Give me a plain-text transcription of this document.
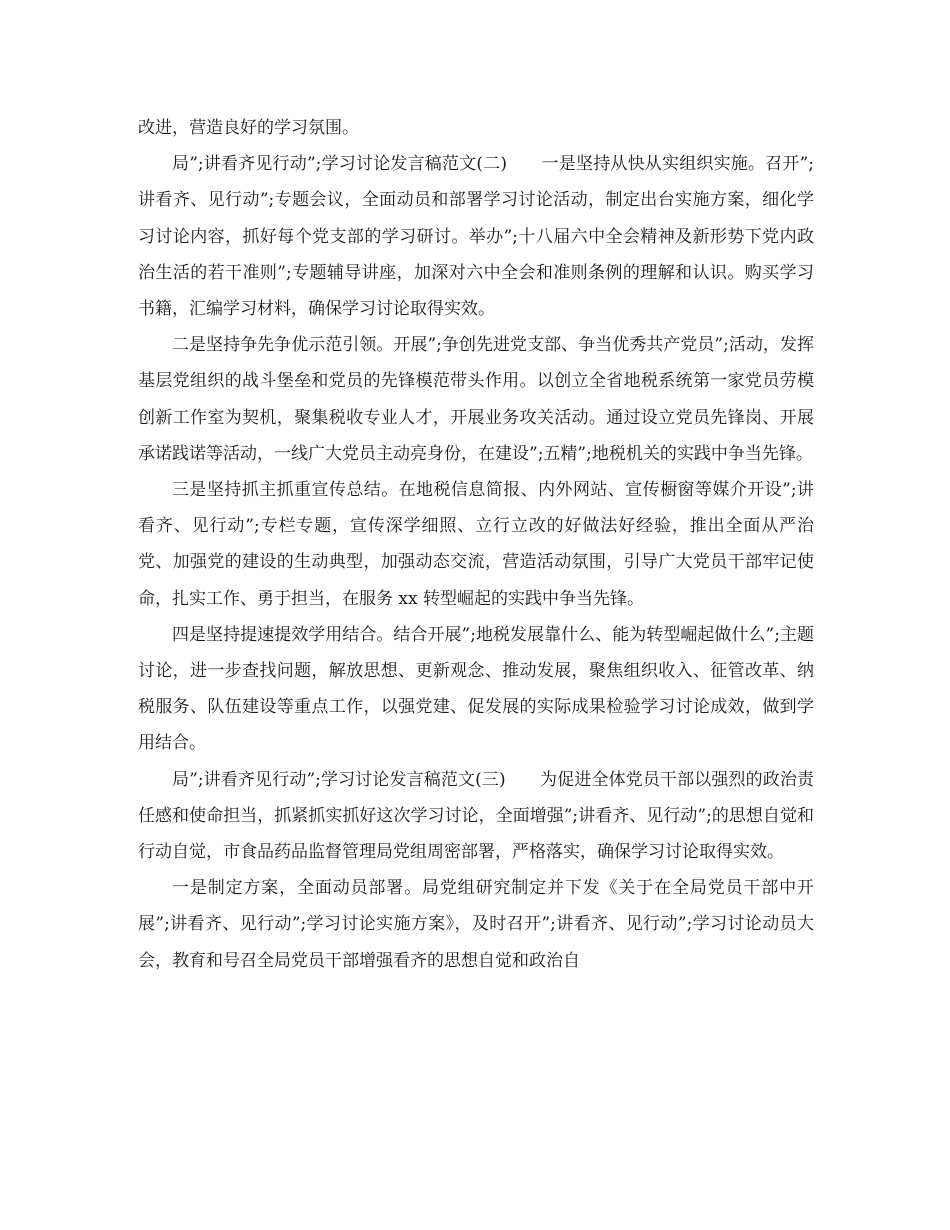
改进，营造良好的学习氛围。

局”;讲看齐见行动”;学习讨论发言稿范文(二)　　一是坚持从快从实组织实施。召开”;讲看齐、见行动”;专题会议，全面动员和部署学习讨论活动，制定出台实施方案，细化学习讨论内容，抓好每个党支部的学习研讨。举办”;十八届六中全会精神及新形势下党内政治生活的若干准则”;专题辅导讲座，加深对六中全会和准则条例的理解和认识。购买学习书籍，汇编学习材料，确保学习讨论取得实效。

二是坚持争先争优示范引领。开展”;争创先进党支部、争当优秀共产党员”;活动，发挥基层党组织的战斗堡垒和党员的先锋模范带头作用。以创立全省地税系统第一家党员劳模创新工作室为契机，聚集税收专业人才，开展业务攻关活动。通过设立党员先锋岗、开展承诺践诺等活动，一线广大党员主动亮身份，在建设”;五精”;地税机关的实践中争当先锋。

三是坚持抓主抓重宣传总结。在地税信息简报、内外网站、宣传橱窗等媒介开设”;讲看齐、见行动”;专栏专题，宣传深学细照、立行立改的好做法好经验，推出全面从严治党、加强党的建设的生动典型，加强动态交流，营造活动氛围，引导广大党员干部牢记使命，扎实工作、勇于担当，在服务 xx 转型崛起的实践中争当先锋。

四是坚持提速提效学用结合。结合开展”;地税发展靠什么、能为转型崛起做什么”;主题讨论，进一步查找问题，解放思想、更新观念、推动发展，聚焦组织收入、征管改革、纳税服务、队伍建设等重点工作，以强党建、促发展的实际成果检验学习讨论成效，做到学用结合。

局”;讲看齐见行动”;学习讨论发言稿范文(三)　　为促进全体党员干部以强烈的政治责任感和使命担当，抓紧抓实抓好这次学习讨论，全面增强”;讲看齐、见行动”;的思想自觉和行动自觉，市食品药品监督管理局党组周密部署，严格落实，确保学习讨论取得实效。

一是制定方案，全面动员部署。局党组研究制定并下发《关于在全局党员干部中开展”;讲看齐、见行动”;学习讨论实施方案》，及时召开”;讲看齐、见行动”;学习讨论动员大会，教育和号召全局党员干部增强看齐的思想自觉和政治自
